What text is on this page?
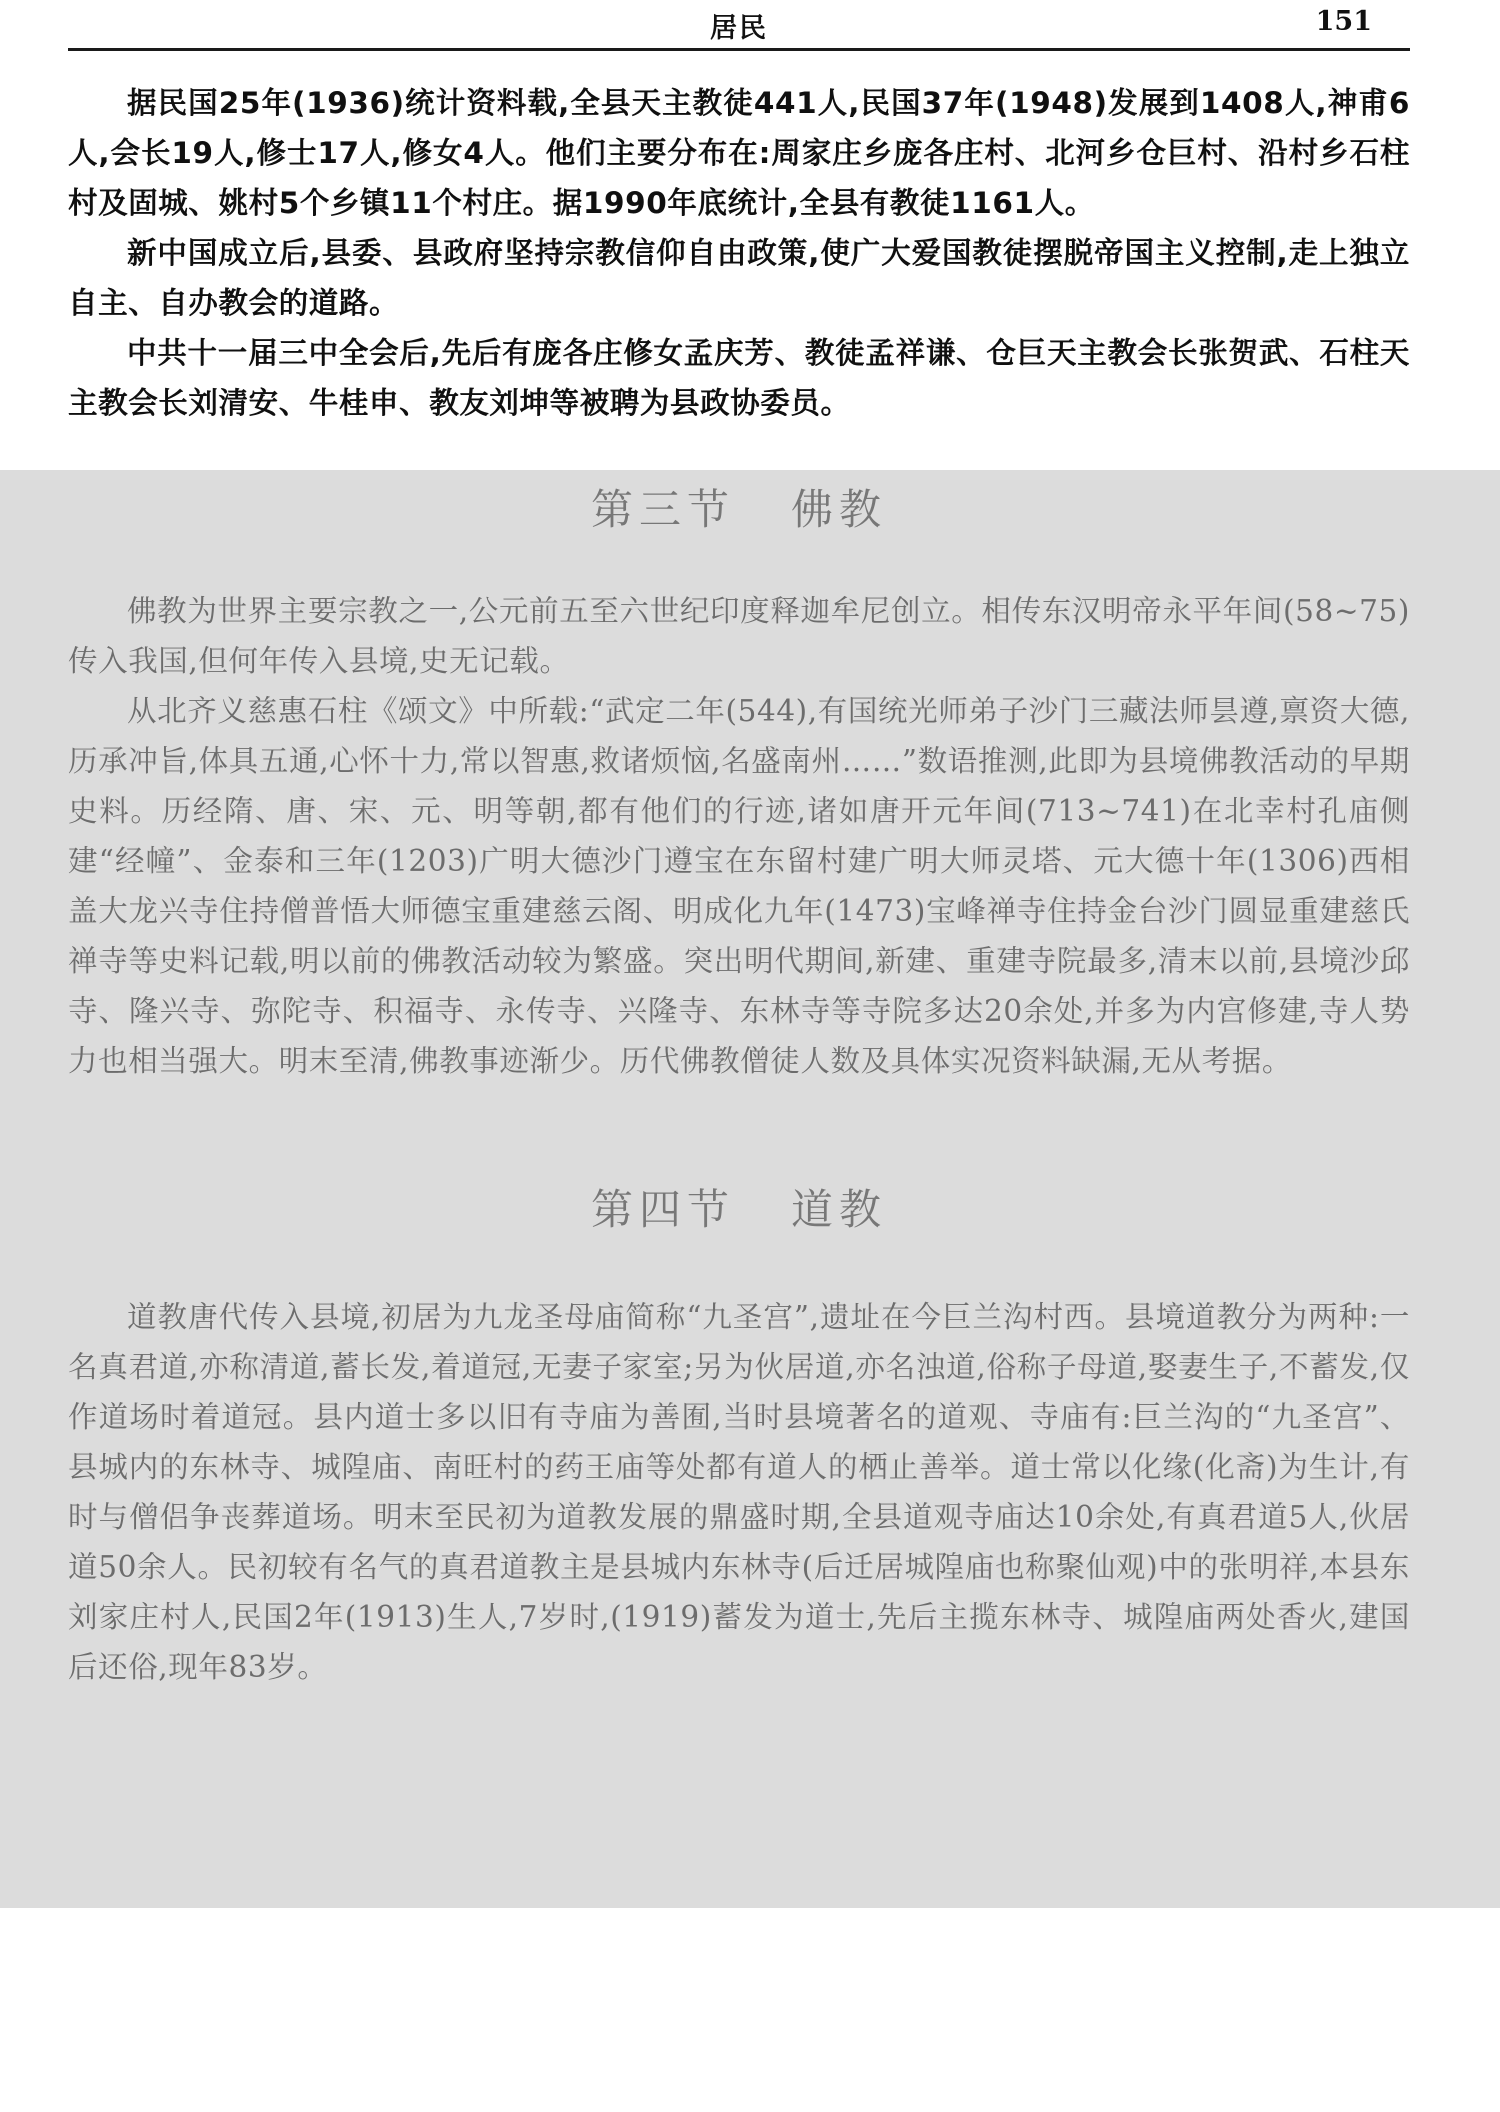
居民	151

据民国25年(1936)统计资料载,全县天主教徒441人,民国37年(1948)发展到1408人,神甫6人,会长19人,修士17人,修女4人。他们主要分布在:周家庄乡庞各庄村、北河乡仓巨村、沿村乡石柱村及固城、姚村5个乡镇11个村庄。据1990年底统计,全县有教徒1161人。

新中国成立后,县委、县政府坚持宗教信仰自由政策,使广大爱国教徒摆脱帝国主义控制,走上独立自主、自办教会的道路。

中共十一届三中全会后,先后有庞各庄修女孟庆芳、教徒孟祥谦、仓巨天主教会长张贺武、石柱天主教会长刘清安、牛桂申、教友刘坤等被聘为县政协委员。

第三节 佛教

佛教为世界主要宗教之一,公元前五至六世纪印度释迦牟尼创立。相传东汉明帝永平年间(58~75)传入我国,但何年传入县境,史无记载。

从北齐义慈惠石柱《颂文》中所载:“武定二年(544),有国统光师弟子沙门三藏法师昙遵,禀资大德,历承冲旨,体具五通,心怀十力,常以智惠,救诸烦恼,名盛南州……”数语推测,此即为县境佛教活动的早期史料。历经隋、唐、宋、元、明等朝,都有他们的行迹,诸如唐开元年间(713~741)在北幸村孔庙侧建“经幢”、金泰和三年(1203)广明大德沙门遵宝在东留村建广明大师灵塔、元大德十年(1306)西相盖大龙兴寺住持僧普悟大师德宝重建慈云阁、明成化九年(1473)宝峰禅寺住持金台沙门圆显重建慈氏禅寺等史料记载,明以前的佛教活动较为繁盛。突出明代期间,新建、重建寺院最多,清末以前,县境沙邱寺、隆兴寺、弥陀寺、积福寺、永传寺、兴隆寺、东林寺等寺院多达20余处,并多为内宫修建,寺人势力也相当强大。明末至清,佛教事迹渐少。历代佛教僧徒人数及具体实况资料缺漏,无从考据。

第四节 道教

道教唐代传入县境,初居为九龙圣母庙简称“九圣宫”,遗址在今巨兰沟村西。县境道教分为两种:一名真君道,亦称清道,蓄长发,着道冠,无妻子家室;另为伙居道,亦名浊道,俗称子母道,娶妻生子,不蓄发,仅作道场时着道冠。县内道士多以旧有寺庙为善囿,当时县境著名的道观、寺庙有:巨兰沟的“九圣宫”、县城内的东林寺、城隍庙、南旺村的药王庙等处都有道人的栖止善举。道士常以化缘(化斋)为生计,有时与僧侣争丧葬道场。明末至民初为道教发展的鼎盛时期,全县道观寺庙达10余处,有真君道5人,伙居道50余人。民初较有名气的真君道教主是县城内东林寺(后迁居城隍庙也称聚仙观)中的张明祥,本县东刘家庄村人,民国2年(1913)生人,7岁时,(1919)蓄发为道士,先后主揽东林寺、城隍庙两处香火,建国后还俗,现年83岁。
